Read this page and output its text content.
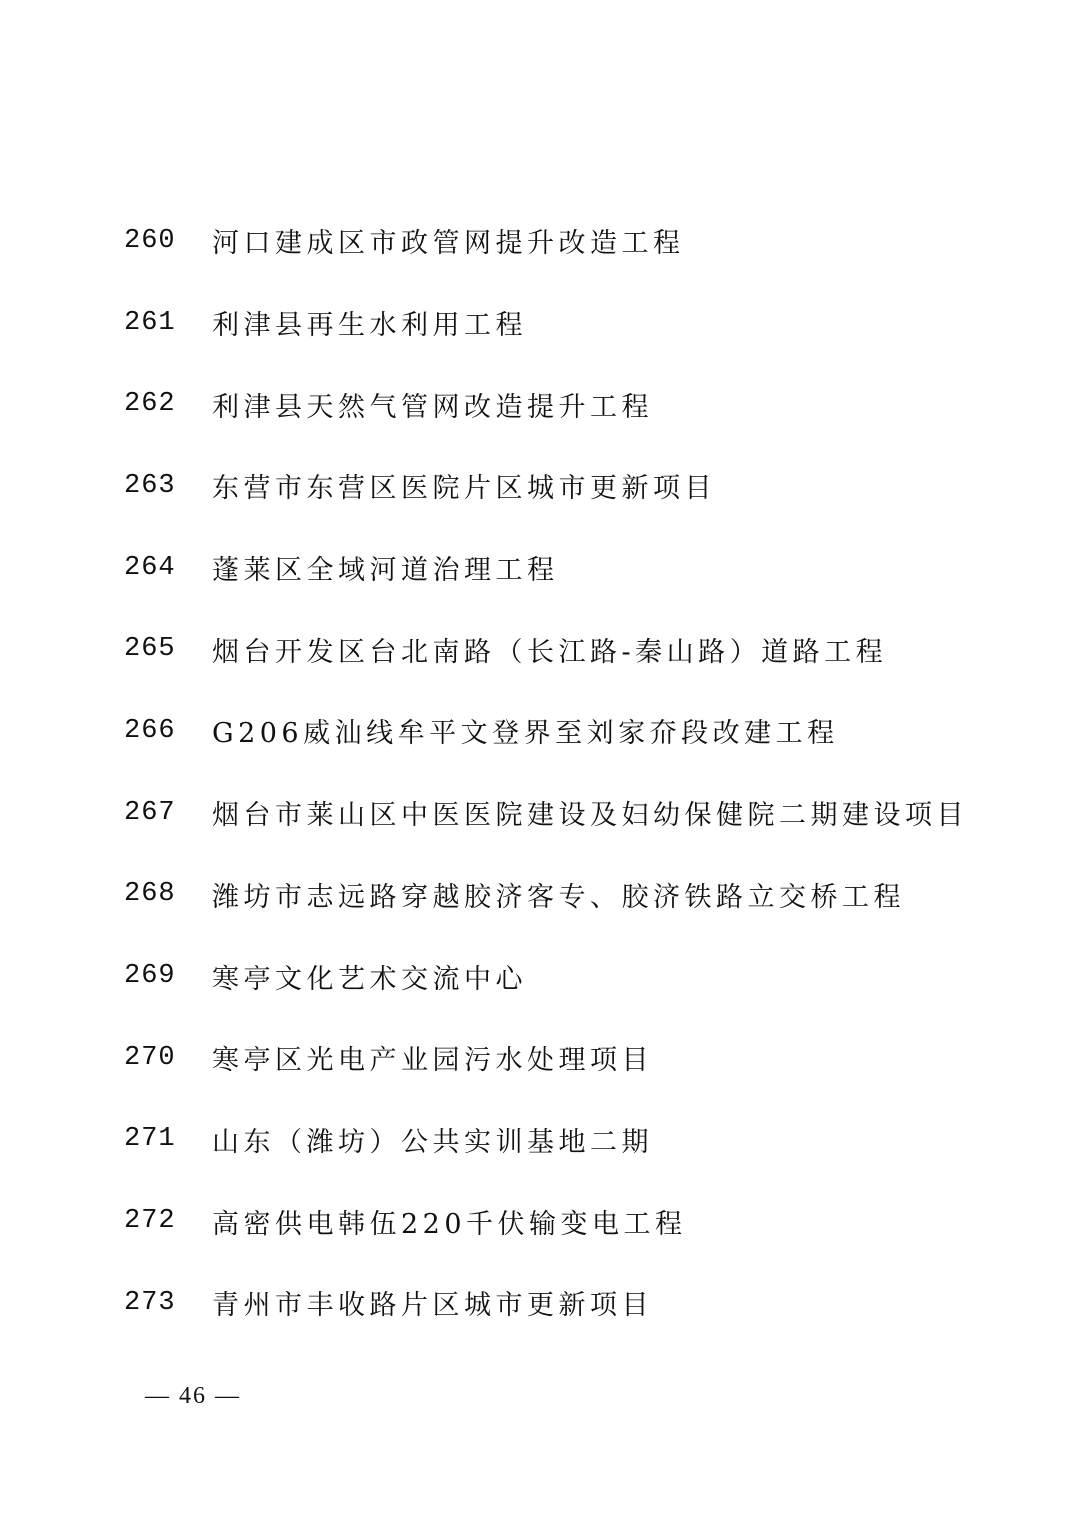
260	河口建成区市政管网提升改造工程
261	利津县再生水利用工程
262	利津县天然气管网改造提升工程
263	东营市东营区医院片区城市更新项目
264	蓬莱区全域河道治理工程
265	烟台开发区台北南路（长江路-秦山路）道路工程
266	G206威汕线牟平文登界至刘家夼段改建工程
267	烟台市莱山区中医医院建设及妇幼保健院二期建设项目
268	潍坊市志远路穿越胶济客专、胶济铁路立交桥工程
269	寒亭文化艺术交流中心
270	寒亭区光电产业园污水处理项目
271	山东（潍坊）公共实训基地二期
272	高密供电韩伍220千伏输变电工程
273	青州市丰收路片区城市更新项目
— 46 —
